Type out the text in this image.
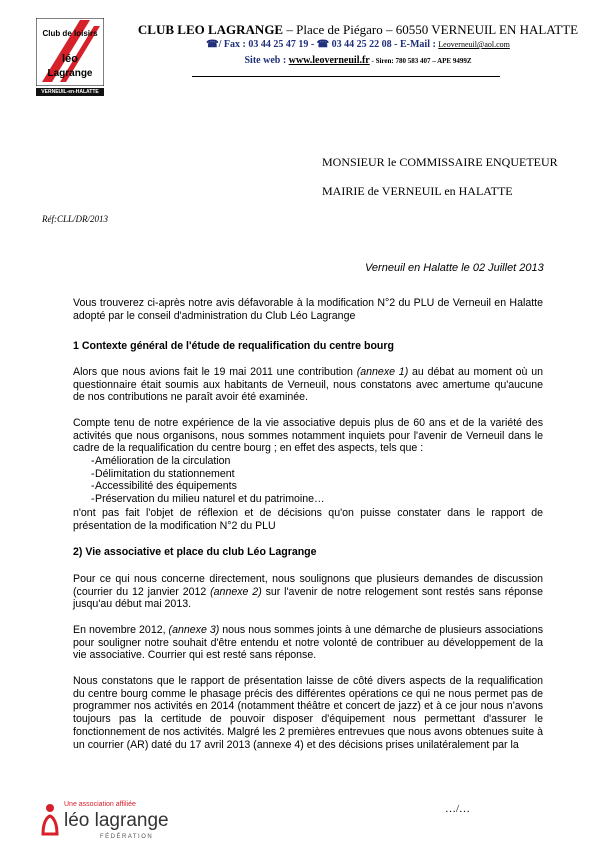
Club de loisirs
léo
Lagrange
VERNEUIL-en-HALATTE
CLUB LEO LAGRANGE – Place de Piégaro – 60550 VERNEUIL EN HALATTE
☎/ Fax : 03 44 25 47 19 - ☎ 03 44 25 22 08 - E-Mail : Leoverneuil@aol.com
Site web : www.leoverneuil.fr - Siren: 780 583 407 – APE 9499Z
MONSIEUR le COMMISSAIRE ENQUETEUR
MAIRIE de VERNEUIL en HALATTE
Réf:CLL/DR/2013
Verneuil en Halatte le 02 Juillet 2013
Vous trouverez ci-après notre avis défavorable à la modification N°2 du PLU de Verneuil en Halatte adopté par le conseil d'administration du Club Léo Lagrange
1 Contexte général de l'étude de requalification du centre bourg
Alors que nous avions fait le 19 mai 2011 une contribution (annexe 1) au débat au moment où un questionnaire était soumis aux habitants de Verneuil, nous constatons avec amertume qu'aucune de nos contributions ne paraît avoir été examinée.
Compte tenu de notre expérience de la vie associative depuis plus de 60 ans et de la variété des activités que nous organisons, nous sommes notamment inquiets pour l'avenir de Verneuil dans le cadre de la requalification du centre bourg ; en effet des aspects, tels que :
- Amélioration de la circulation
- Délimitation du stationnement
- Accessibilité des équipements
- Préservation du milieu naturel et du patrimoine…
n'ont pas fait l'objet de réflexion et de décisions qu'on puisse constater dans le rapport de présentation de la modification N°2 du PLU
2) Vie associative et place du club Léo Lagrange
Pour ce qui nous concerne directement, nous soulignons que plusieurs demandes de discussion (courrier du 12 janvier 2012 (annexe 2) sur l'avenir de notre relogement sont restés sans réponse jusqu'au début mai 2013.
En novembre 2012, (annexe 3) nous nous sommes joints à une démarche de plusieurs associations pour souligner notre souhait d'être entendu et notre volonté de contribuer au développement de la vie associative. Courrier qui est resté sans réponse.
Nous constatons que le rapport de présentation laisse de côté divers aspects de la requalification du centre bourg comme le phasage précis des différentes opérations ce qui ne nous permet pas de programmer nos activités en 2014 (notamment théâtre et concert de jazz) et à ce jour nous n'avons toujours pas la certitude de pouvoir disposer d'équipement nous permettant d'assurer le fonctionnement de nos activités. Malgré les 2 premières entrevues que nous avons obtenues suite à un courrier (AR) daté du 17 avril 2013 (annexe 4) et des décisions prises unilatéralement par la
Une association affiliée
léo lagrange
FÉDÉRATION
…/…
